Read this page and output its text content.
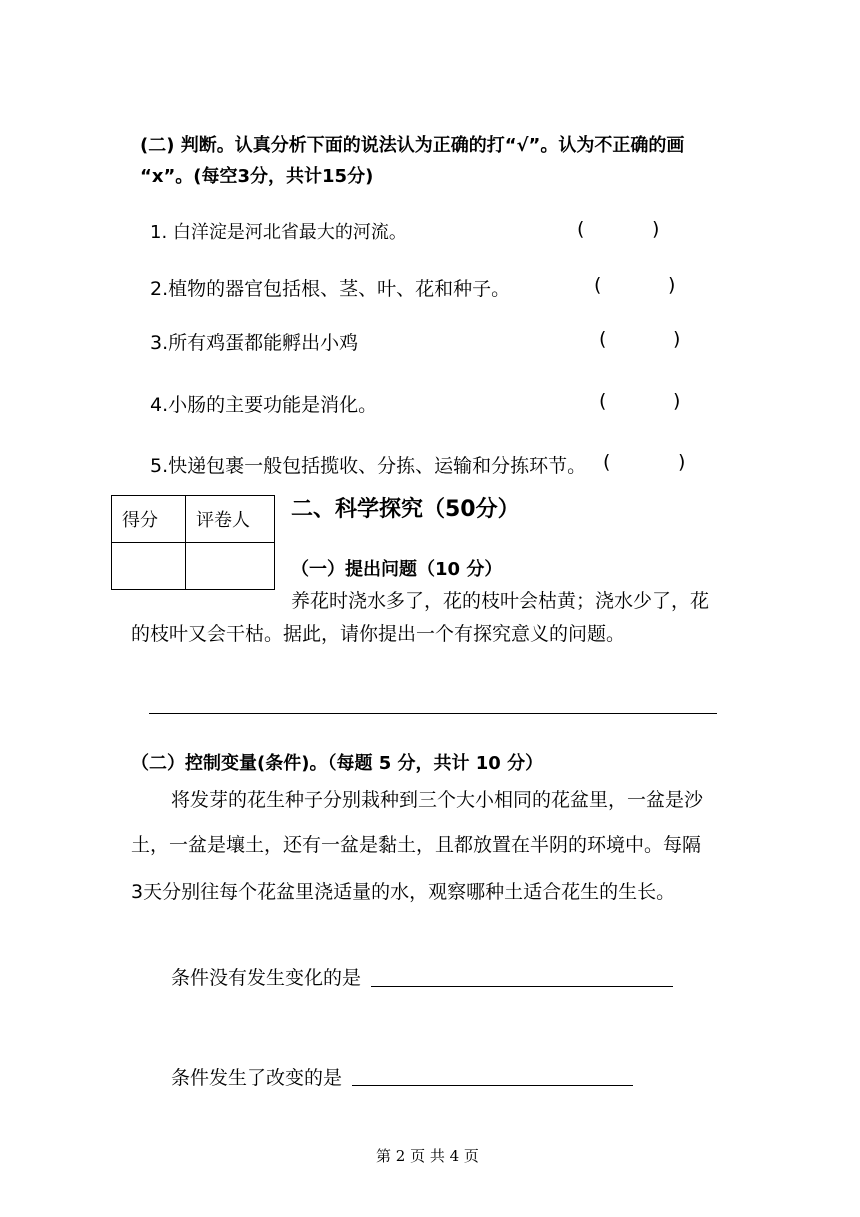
(二) 判断。认真分析下面的说法认为正确的打“√”。认为不正确的画
“x”。(每空3分，共计15分)
1. 白洋淀是河北省最大的河流。	(	)
2.植物的器官包括根、茎、叶、花和种子。	(	)
3.所有鸡蛋都能孵出小鸡	(	)
4.小肠的主要功能是消化。	(	)
5.快递包裹一般包括揽收、分拣、运输和分拣环节。 (	)
得分	评卷人
	二、科学探究（50分）
（一）提出问题（10 分）
养花时浇水多了，花的枝叶会枯黄；浇水少了，花
的枝叶又会干枯。据此，请你提出一个有探究意义的问题。
（二）控制变量(条件)。（每题 5 分，共计 10 分）
将发芽的花生种子分别栽种到三个大小相同的花盆里，一盆是沙
土，一盆是壤土，还有一盆是黏土，且都放置在半阴的环境中。每隔
3天分别往每个花盆里浇适量的水，观察哪种土适合花生的生长。
条件没有发生变化的是
条件发生了改变的是
第 2 页 共 4 页
